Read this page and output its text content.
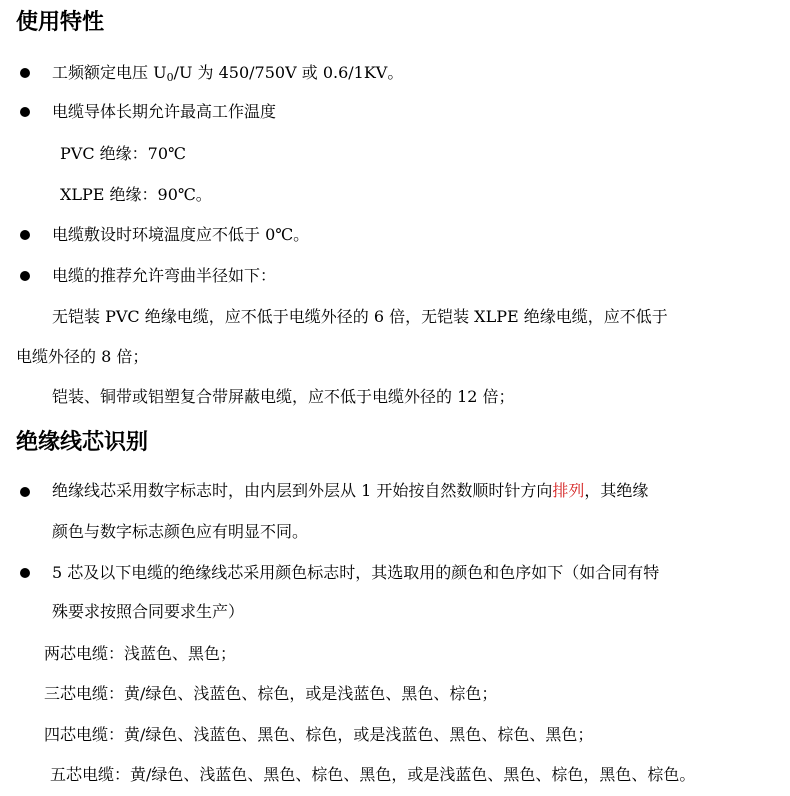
使用特性
工频额定电压 $U_0/U$ 为 450/750V 或 0.6/1KV。
电缆导体长期允许最高工作温度
PVC 绝缘：70℃
XLPE 绝缘：90℃。
电缆敷设时环境温度应不低于 0℃。
电缆的推荐允许弯曲半径如下：
无铠装 PVC 绝缘电缆，应不低于电缆外径的 6 倍，无铠装 XLPE 绝缘电缆，应不低于
电缆外径的 8 倍；
铠装、铜带或铝塑复合带屏蔽电缆，应不低于电缆外径的 12 倍；
绝缘线芯识别
绝缘线芯采用数字标志时，由内层到外层从 1 开始按自然数顺时针方向排列，其绝缘
颜色与数字标志颜色应有明显不同。
5 芯及以下电缆的绝缘线芯采用颜色标志时，其选取用的颜色和色序如下（如合同有特
殊要求按照合同要求生产）
两芯电缆：浅蓝色、黑色；
三芯电缆：黄/绿色、浅蓝色、棕色，或是浅蓝色、黑色、棕色；
四芯电缆：黄/绿色、浅蓝色、黑色、棕色，或是浅蓝色、黑色、棕色、黑色；
五芯电缆：黄/绿色、浅蓝色、黑色、棕色、黑色，或是浅蓝色、黑色、棕色，黑色、棕色。
